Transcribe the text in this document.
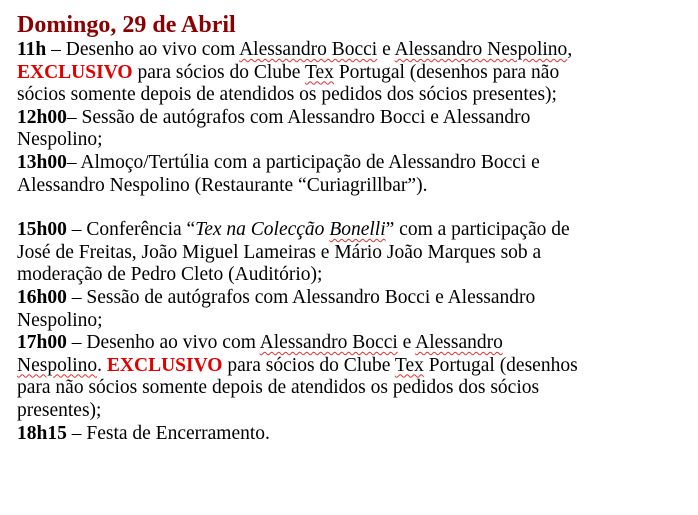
Domingo, 29 de Abril
11h – Desenho ao vivo com Alessandro Bocci e Alessandro Nespolino,
EXCLUSIVO para sócios do Clube Tex Portugal (desenhos para não
sócios somente depois de atendidos os pedidos dos sócios presentes);
12h00– Sessão de autógrafos com Alessandro Bocci e Alessandro
Nespolino;
13h00– Almoço/Tertúlia com a participação de Alessandro Bocci e
Alessandro Nespolino (Restaurante “Curiagrillbar”).
15h00 – Conferência “Tex na Colecção Bonelli” com a participação de
José de Freitas, João Miguel Lameiras e Mário João Marques sob a
moderação de Pedro Cleto (Auditório);
16h00 – Sessão de autógrafos com Alessandro Bocci e Alessandro
Nespolino;
17h00 – Desenho ao vivo com Alessandro Bocci e Alessandro
Nespolino. EXCLUSIVO para sócios do Clube Tex Portugal (desenhos
para não sócios somente depois de atendidos os pedidos dos sócios
presentes);
18h15 – Festa de Encerramento.
